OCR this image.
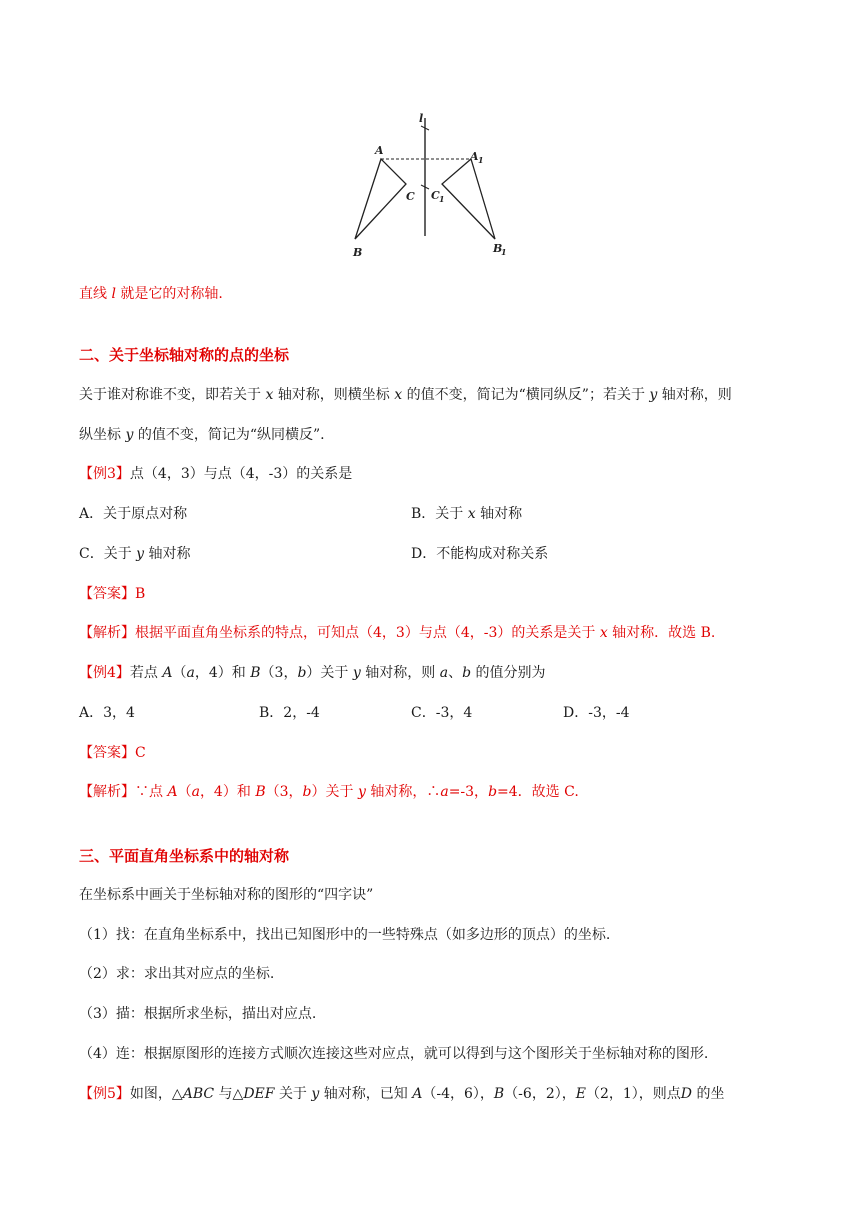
l
A	A 1
C C 1
B	B
1
直线 l 就是它的对称轴.
二、关于坐标轴对称的点的坐标
关于谁对称谁不变，即若关于 x 轴对称，则横坐标 x 的值不变，简记为“横同纵反”；若关于 y 轴对称，则
纵坐标 y 的值不变，简记为“纵同横反”.
【例3】点（4，3）与点（4，-3）的关系是
A．关于原点对称	B．关于 x 轴对称
C．关于 y 轴对称	D．不能构成对称关系
【答案】B
【解析】根据平面直角坐标系的特点，可知点（4，3）与点（4，-3）的关系是关于 x 轴对称．故选 B.
【例4】若点 A（a，4）和 B（3，b）关于 y 轴对称，则 a、b 的值分别为
A．3，4	B．2，-4	C．-3，4	D．-3，-4
【答案】C
【解析】∵点 A（a，4）和 B（3，b）关于 y 轴对称，∴a=-3，b=4．故选 C.
三、平面直角坐标系中的轴对称
在坐标系中画关于坐标轴对称的图形的“四字诀”
（1）找：在直角坐标系中，找出已知图形中的一些特殊点（如多边形的顶点）的坐标.
（2）求：求出其对应点的坐标.
（3）描：根据所求坐标，描出对应点.
（4）连：根据原图形的连接方式顺次连接这些对应点，就可以得到与这个图形关于坐标轴对称的图形.
【例5】如图，△ABC 与△DEF 关于 y 轴对称，已知 A（-4，6），B（-6，2），E（2，1），则点D 的坐
